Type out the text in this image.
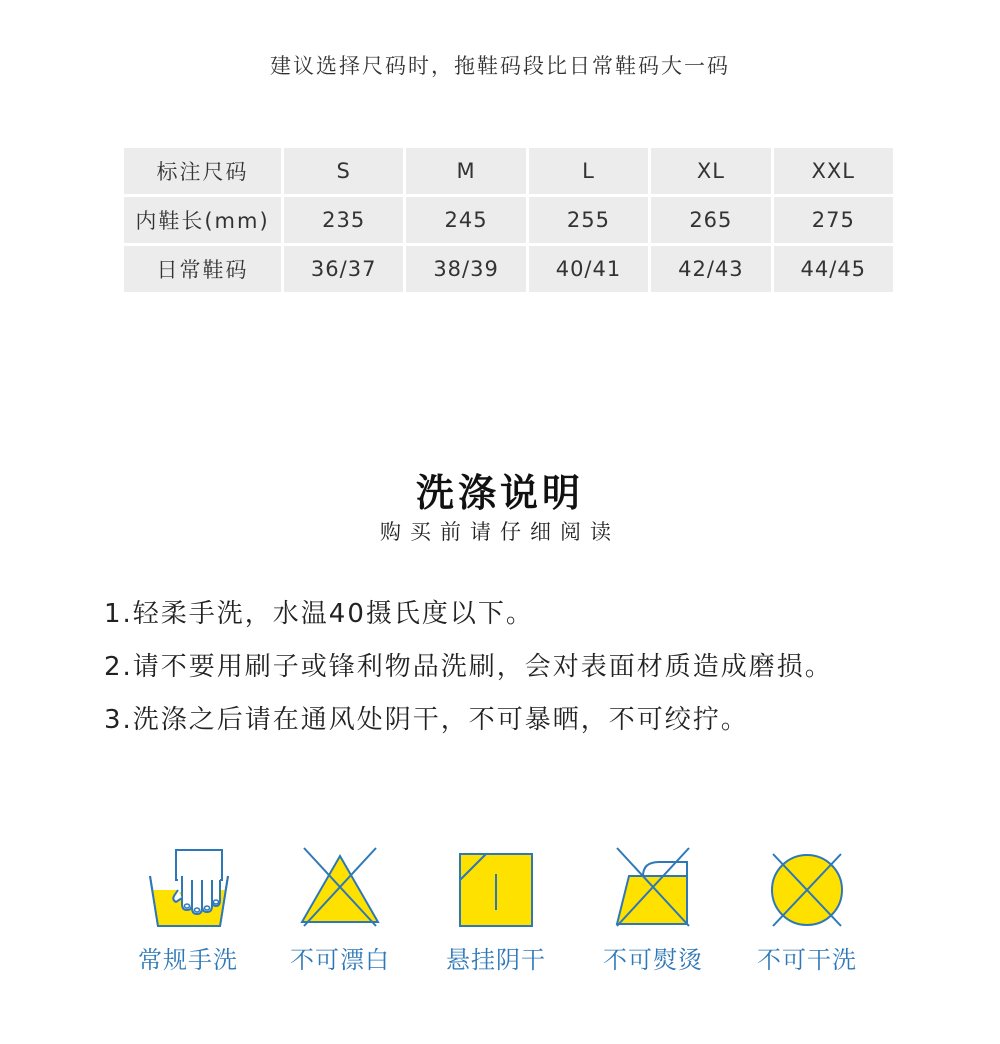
建议选择尺码时，拖鞋码段比日常鞋码大一码
标注尺码	S	M	L	XL	XXL
内鞋长(mm)	235	245	255	265	275
日常鞋码	36/37	38/39	40/41	42/43	44/45
洗涤说明
购买前请仔细阅读
1.轻柔手洗，水温40摄氏度以下。
2.请不要用刷子或锋利物品洗刷，会对表面材质造成磨损。
3.洗涤之后请在通风处阴干，不可暴晒，不可绞拧。
常规手洗	不可漂白	悬挂阴干	不可熨烫	不可干洗
